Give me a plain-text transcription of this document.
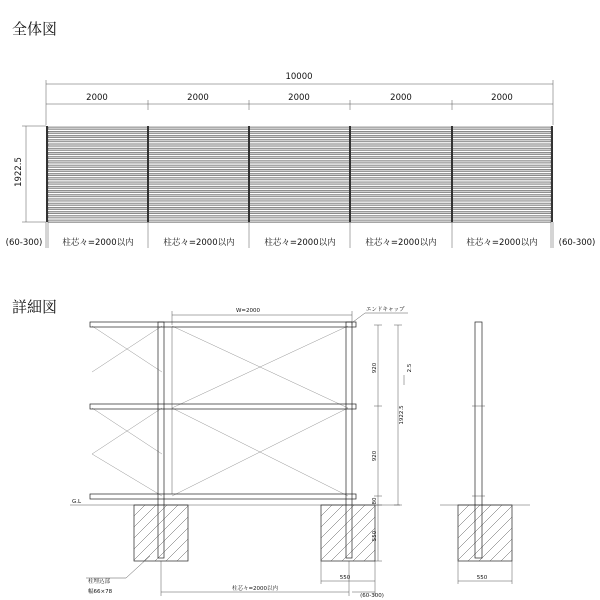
全体図
10000
2000	2000	2000	2000	2000
1922.5
(60-300) 柱芯々=2000以内	柱芯々=2000以内	柱芯々=2000以内	柱芯々=2000以内	柱芯々=2000以内 (60-300)
詳細図	W=2000	エンドキャップ
G.L
920
920
80
550
1922.5
2.5
柱芯々=2000以内
550
(60-300)
550
柱埋込部
幅66×78
